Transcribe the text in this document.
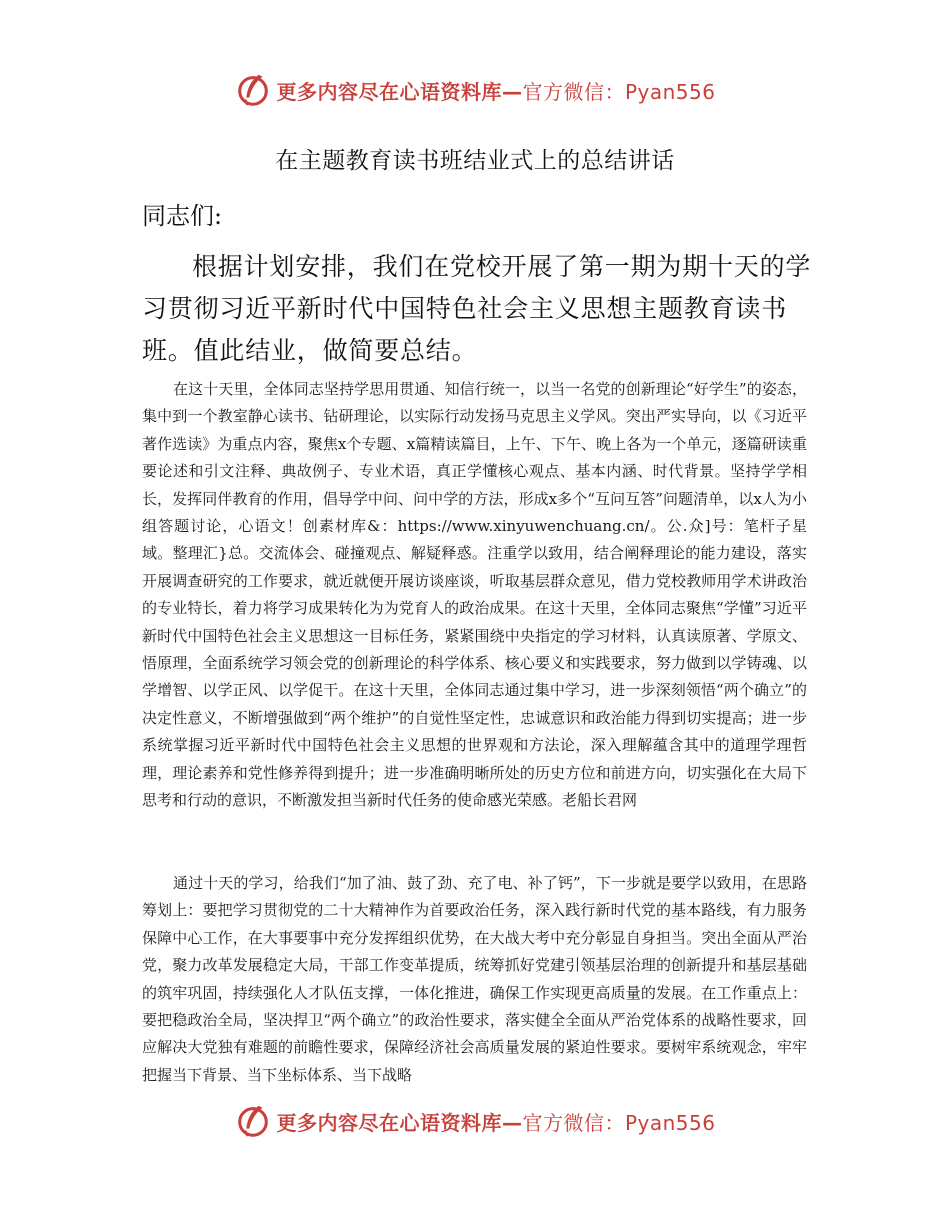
更多内容尽在心语资料库—官方微信：Pyan556
在主题教育读书班结业式上的总结讲话
同志们:

根据计划安排，我们在党校开展了第一期为期十天的学习贯彻习近平新时代中国特色社会主义思想主题教育读书班。值此结业，做简要总结。

在这十天里，全体同志坚持学思用贯通、知信行统一，以当一名党的创新理论“好学生”的姿态，集中到一个教室静心读书、钻研理论，以实际行动发扬马克思主义学风。突出严实导向，以《习近平著作选读》为重点内容，聚焦x个专题、x篇精读篇目，上午、下午、晚上各为一个单元，逐篇研读重要论述和引文注释、典故例子、专业术语，真正学懂核心观点、基本内涵、时代背景。坚持学学相长，发挥同伴教育的作用，倡导学中问、问中学的方法，形成x多个“互问互答”问题清单，以x人为小组答题讨论，心语文！创素材库&：https://www.xinyuwenchuang.cn/。公.众]号：笔杆子星域。整理汇}总。交流体会、碰撞观点、解疑释惑。注重学以致用，结合阐释理论的能力建设，落实开展调查研究的工作要求，就近就便开展访谈座谈，听取基层群众意见，借力党校教师用学术讲政治的专业特长，着力将学习成果转化为为党育人的政治成果。在这十天里，全体同志聚焦“学懂”习近平新时代中国特色社会主义思想这一目标任务，紧紧围绕中央指定的学习材料，认真读原著、学原文、悟原理，全面系统学习领会党的创新理论的科学体系、核心要义和实践要求，努力做到以学铸魂、以学增智、以学正风、以学促干。在这十天里，全体同志通过集中学习，进一步深刻领悟“两个确立”的决定性意义，不断增强做到“两个维护”的自觉性坚定性，忠诚意识和政治能力得到切实提高；进一步系统掌握习近平新时代中国特色社会主义思想的世界观和方法论，深入理解蕴含其中的道理学理哲理，理论素养和党性修养得到提升；进一步准确明晰所处的历史方位和前进方向，切实强化在大局下思考和行动的意识，不断激发担当新时代任务的使命感光荣感。老船长君网

通过十天的学习，给我们“加了油、鼓了劲、充了电、补了钙”，下一步就是要学以致用，在思路筹划上：要把学习贯彻党的二十大精神作为首要政治任务，深入践行新时代党的基本路线，有力服务保障中心工作，在大事要事中充分发挥组织优势，在大战大考中充分彰显自身担当。突出全面从严治党，聚力改革发展稳定大局，干部工作变革提质，统筹抓好党建引领基层治理的创新提升和基层基础的筑牢巩固，持续强化人才队伍支撑，一体化推进，确保工作实现更高质量的发展。在工作重点上：要把稳政治全局，坚决捍卫“两个确立”的政治性要求，落实健全全面从严治党体系的战略性要求，回应解决大党独有难题的前瞻性要求，保障经济社会高质量发展的紧迫性要求。要树牢系统观念，牢牢把握当下背景、当下坐标体系、当下战略

更多内容尽在心语资料库—官方微信：Pyan556
